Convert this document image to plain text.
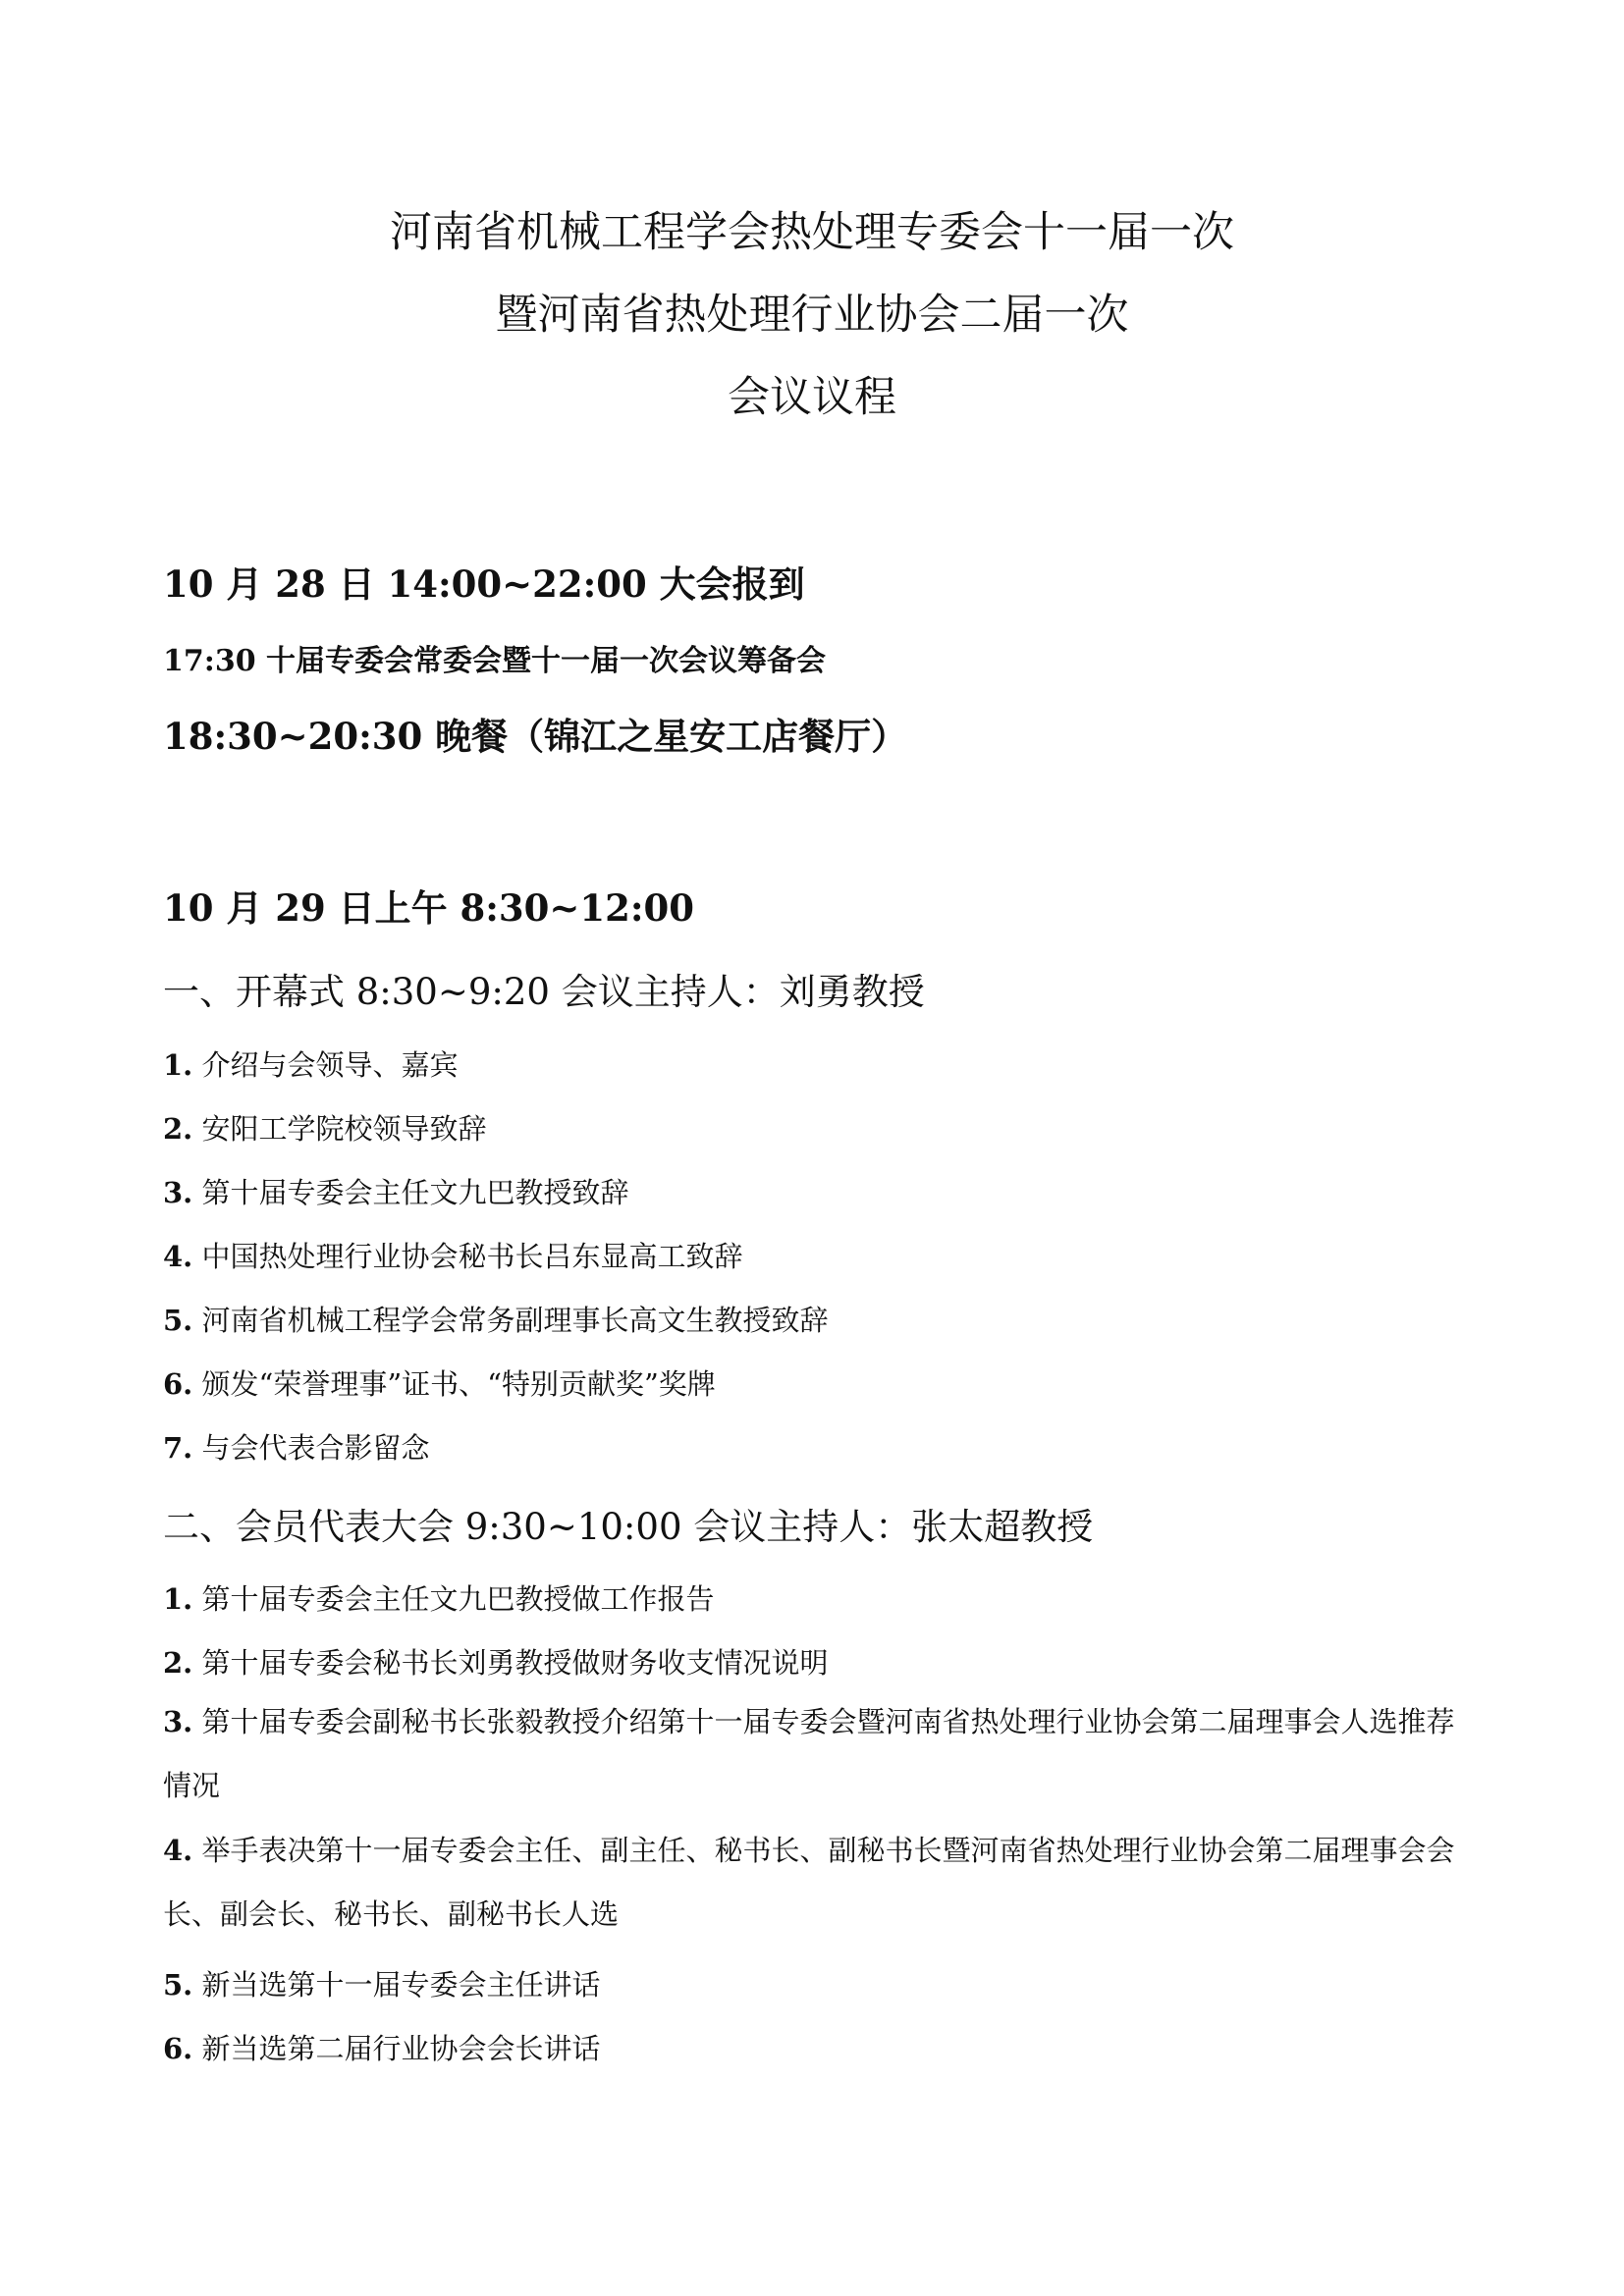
河南省机械工程学会热处理专委会十一届一次
暨河南省热处理行业协会二届一次
会议议程
10 月 28 日 14:00~22:00 大会报到
17:30 十届专委会常委会暨十一届一次会议筹备会
18:30~20:30 晚餐（锦江之星安工店餐厅）
10 月 29 日上午 8:30~12:00
一、开幕式 8:30~9:20 会议主持人：刘勇教授
1. 介绍与会领导、嘉宾
2. 安阳工学院校领导致辞
3. 第十届专委会主任文九巴教授致辞
4. 中国热处理行业协会秘书长吕东显高工致辞
5. 河南省机械工程学会常务副理事长高文生教授致辞
6. 颁发“荣誉理事”证书、“特别贡献奖”奖牌
7. 与会代表合影留念
二、会员代表大会 9:30~10:00 会议主持人：张太超教授
1. 第十届专委会主任文九巴教授做工作报告
2. 第十届专委会秘书长刘勇教授做财务收支情况说明
3. 第十届专委会副秘书长张毅教授介绍第十一届专委会暨河南省热处理行业协会第二届理事会人选推荐情况
4. 举手表决第十一届专委会主任、副主任、秘书长、副秘书长暨河南省热处理行业协会第二届理事会会长、副会长、秘书长、副秘书长人选
5. 新当选第十一届专委会主任讲话
6. 新当选第二届行业协会会长讲话
